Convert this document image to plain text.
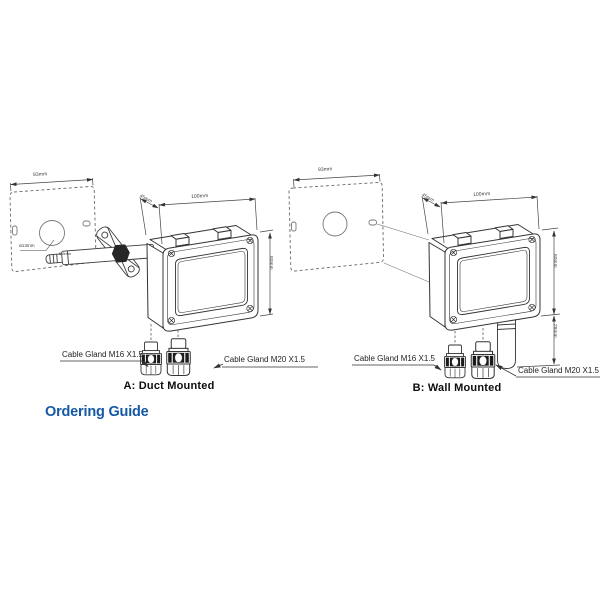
93mm
ø13mm
5.8mm
100mm
45mm
80mm
Cable Gland M16 X1.5
Cable Gland M20 X1.5
A: Duct Mounted
93mm
100mm
45mm
80mm
28mm
Cable Gland M16 X1.5
Cable Gland M20 X1.5
B: Wall Mounted
Ordering Guide
